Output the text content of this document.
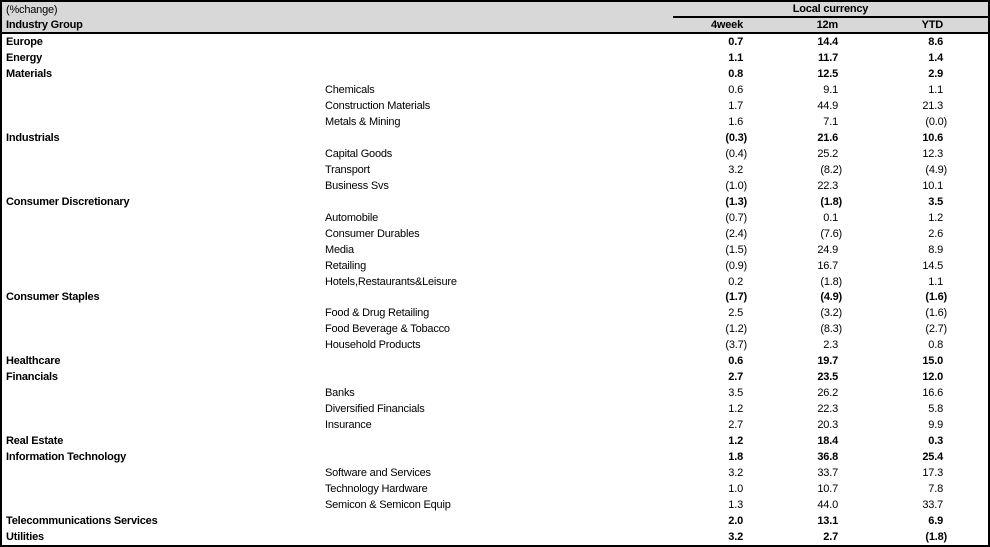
(%change)	Local currency
Industry Group	4week	12m	YTD
Europe	0.7	14.4	8.6
Energy	1.1	11.7	1.4
Materials	0.8	12.5	2.9
Chemicals	0.6	9.1	1.1
Construction Materials	1.7	44.9	21.3
Metals & Mining	1.6	7.1	(0.0)
Industrials	(0.3)	21.6	10.6
Capital Goods	(0.4)	25.2	12.3
Transport	3.2	(8.2)	(4.9)
Business Svs	(1.0)	22.3	10.1
Consumer Discretionary	(1.3)	(1.8)	3.5
Automobile	(0.7)	0.1	1.2
Consumer Durables	(2.4)	(7.6)	2.6
Media	(1.5)	24.9	8.9
Retailing	(0.9)	16.7	14.5
Hotels,Restaurants&Leisure	0.2	(1.8)	1.1
Consumer Staples	(1.7)	(4.9)	(1.6)
Food & Drug Retailing	2.5	(3.2)	(1.6)
Food Beverage & Tobacco	(1.2)	(8.3)	(2.7)
Household Products	(3.7)	2.3	0.8
Healthcare	0.6	19.7	15.0
Financials	2.7	23.5	12.0
Banks	3.5	26.2	16.6
Diversified Financials	1.2	22.3	5.8
Insurance	2.7	20.3	9.9
Real Estate	1.2	18.4	0.3
Information Technology	1.8	36.8	25.4
Software and Services	3.2	33.7	17.3
Technology Hardware	1.0	10.7	7.8
Semicon & Semicon Equip	1.3	44.0	33.7
Telecommunications Services	2.0	13.1	6.9
Utilities	3.2	2.7	(1.8)
